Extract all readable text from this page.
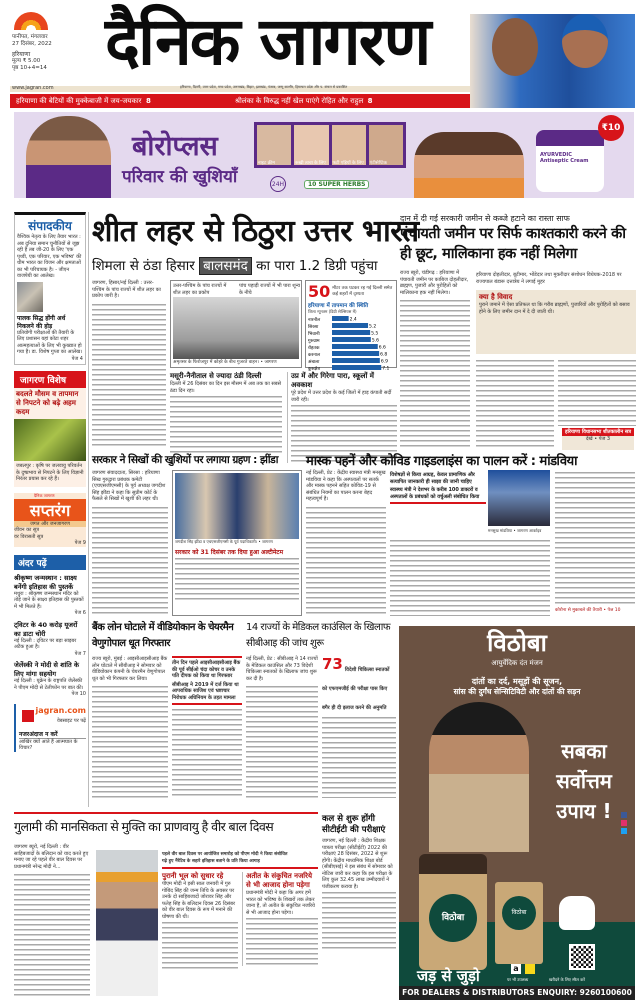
पानीपत, मंगलवार
27 दिसंबर, 2022
हरियाणा
मूल्य ₹ 5.00
पृष्ठ 10+4=14 दैनिक जागरण
www.jagran.com	हरियाणा, दिल्ली, उत्तर प्रदेश, मध्य प्रदेश, उत्तराखंड, बिहार, झारखंड, पंजाब, जम्मू कश्मीर, हिमाचल प्रदेश और प. बंगाल से प्रकाशित
हरियाणा की बेटियों की मुक्केबाजी में जय-जयकार 8	श्रीलंका के विरुद्ध नहीं खेल पाएंगे रोहित और राहुल 8
बोरोप्लस
परिवार की खुशियाँ
नाइट क्रीम	रूखी त्वचा के लिए फटी एड़ियों के लिए एंटीसेप्टिक
24H	10 SUPER HERBS
AYURVEDIC Antiseptic Cream
₹10
संपादकीय
वैश्विक नेतृत्व के लिए तैयार भारत : अब दुनिया समान चुनौतियों से जूझ रही है तब जी-20 के लिए 'एक पृथ्वी, एक परिवार, एक भविष्य' की थीम भारत का विजन और क्षमताओं का भी परिचायक है। - जीएन वाजपेयी का आलेख।
पालक सिद्ध होंगी अर्ध निकलने की होड़
प्रतियोगी परीक्षाओं की तैयारी के लिए प्रशासन यहां कोटा शहर आत्महत्याओं के लिए भी कुख्यात हो गया है। डा. विशेष गुप्ता का आलेख।
पेज 4
जागरण विशेष
बदलते मौसम व तापमान से निपटने को बढ़े अहम कदम
जबलपुर : कृषि पर जलवायु परिवर्तन के दुष्प्रभाव से निपटने के लिए विज्ञानी निरंतर प्रयास कर रहे हैं।
दैनिक जागरण
सप्तरंग
जगत और जनजागरण
जीवन का सूत्र
वर विरासती सूत्र
पेज 9
अंदर पढ़ें
श्रीकृष्ण जन्मस्थान : साक्ष्य बनेंगी इतिहास की पुस्तकें
मथुरा : श्रीकृष्ण जन्मस्थान मंदिर को तोड़े जाने के साक्ष्य इतिहास की पुस्तकों में भी मिलते हैं।
पेज 6
ट्विटर के 40 करोड़ यूजरों का डाटा चोरी
नई दिल्ली : ट्विटर पर बड़ा साइबर अटैक हुआ है।
पेज 7
जेलेंस्की ने मोदी से शांति के लिए मांगा सहयोग
नई दिल्ली : यूक्रेन के राष्ट्रपति जेलेंस्की ने पीएम मोदी से टेलीफोन पर बात की।
पेज 10
jagran.com
वेबसाइट पर पढ़ें
नजरअंदाज न करें
आखिर क्यों आते हैं आत्मघात के विचार?
शीत लहर से ठिठुरा उत्तर भारत
शिमला से ठंडा हिसार बालसमंद का पारा 1.2 डिग्री पहुंचा
जागरण, हिसार/नई दिल्ली : उत्तर-पश्चिम के पांच राज्यों में शीत लहर का प्रकोप जारी है।
उत्तर-पश्चिम के पांच राज्यों में शीत लहर का प्रकोप
पांच पहाड़ी राज्यों में भी पारा शून्य के नीचे
अमृतसर के फिरोजपुर में कोहरे के बीच गुजरते वाहन। • जागरण
50 मीटर तक घटकर रह गई दिल्ली समेत कई शहरों में दृश्यता
हरियाणा में तापमान की स्थिति
जिला न्यूनतम (डिग्री सेल्सियस में)
नारनौल	2.4
सिरसा	5.2
भिवानी	5.5
गुरुग्राम	5.6
रोहतक	6.6
करनाल	6.8
अंबाला	6.9
कुरुक्षेत्र	7.1
मसूरी-नैनीताल से ज्यादा ठंडी दिल्ली
दिल्ली में 26 दिसंबर का दिन इस मौसम में अब तक का सबसे ठंडा दिन रहा।
उप्र में और गिरेगा पारा, स्कूलों में अवकाश
पूरे प्रदेश में उत्तर प्रदेश के कई जिलों में हाड़ कंपाती सर्दी जारी रही।
दान में दी गई सरकारी जमीन से कब्जे हटाने का रास्ता साफ
पंचायती जमीन पर सिर्फ काश्तकारी करने की ही छूट, मालिकाना हक नहीं मिलेगा
राज्य ब्यूरो, चंडीगढ़ : हरियाणा में पंचायती जमीन पर काबिज दोहलीदार, ब्राह्मण, पुजारी और पुरोहितों को मालिकाना हक नहीं मिलेगा।
हरियाणा दोहलीदार, बूटीमार, भोंडेदार तथा मुकरीदार संशोधन विधेयक-2018 पर राज्यपाल बंडारू दत्तात्रेय ने लगाई मुहर
क्या है विवाद
पुराने जमाने में ऐसा प्रतिफल था कि गरीब ब्राह्मणों, पुजारियों और पुरोहितों को बसाव होने के लिए जमीन दान में दे दी जाती थी।
हरियाणा विधानसभा शीतकालीन सत्र
देखें • पेज 3
सरकार ने सिखों की खुशियों पर लगाया ग्रहण : झींडा
जागरण संवाददाता, सिरसा : हरियाणा सिख गुरुद्वारा प्रबंधक कमेटी (एचएसजीएमसी) के पूर्व अध्यक्ष जगदीश सिंह झींडा ने कहा कि सुप्रीम कोर्ट के फैसले से सिखों में खुशी की लहर थी।
जगदीश सिंह झींडा व एचएसजीएमसी के पूर्व पदाधिकारी। • जागरण
सरकार को 31 दिसंबर तक दिया हुआ अल्टीमेटम
मास्क पहनें और कोविड गाइडलाइंस का पालन करें : मांडविया
नई दिल्ली, प्रेट : केंद्रीय स्वास्थ्य मंत्री मनसुख मांडविया ने कहा कि अस्पतालों पर सतर्क और मास्क पहनने सहित कोविड-19 से संबंधित नियमों का पालन करना बेहद महत्वपूर्ण है।
विशेषज्ञों से किया आग्रह, केवल प्रामाणिक और सत्यापित जानकारी ही साझा की जानी चाहिए
स्वास्थ्य मंत्री ने देशभर के करीब 100 डाक्टरों व अस्पतालों के प्रबंधकों को वर्चुअली संबोधित किया
मनसुख मांडविया • जागरण आर्काइव
कोरोना से मुकाबले की तैयारी • पेज 10
बैंक लोन घोटाले में वीडियोकान के चेयरमैन वेणुगोपाल धूत गिरफ्तार
राज्य ब्यूरो, मुंबई : आइसीआइसीआइ बैंक लोन घोटाले में सीबीआइ ने सोमवार को वीडियोकान कंपनी के चेयरमैन वेणुगोपाल धूत को भी गिरफ्तार कर लिया।
तीन दिन पहले आइसीआइसीआइ बैंक की पूर्व सीईओ चंदा कोचर व उनके पति दीपक को किया था गिरफ्तार
सीबीआइ ने 2019 में दर्ज किया था आपराधिक साजिश एवं भ्रष्टाचार निरोधक अधिनियम के तहत मामला
14 राज्यों के मेडिकल काउंसिल के खिलाफ सीबीआइ की जांच शुरू
नई दिल्ली, प्रेट : सीबीआइ ने 14 राज्यों के मेडिकल काउंसिल और 73 विदेशी चिकित्सा स्नातकों के खिलाफ जांच शुरू कर दी है।
73 विदेशी चिकित्सा स्नातकों को एफएमजीई की परीक्षा पास किए बगैर ही दी इलाज करने की अनुमति
विठोबा
आयुर्वेदिक दंत मंजन
दांतों का दर्द, मसूड़ों की सूजन,
सांस की दुर्गंध सेन्सिटिविटी और दांतों की सड़न
सबका
सर्वोत्तम
उपाय !
विठोबा
विठोबा
जड़ से जुड़ो	a
पर भी उपलब्ध	खरीदने के लिए स्कैन करें
FOR DEALERS & DISTRIBUTORS ENQUIRY: 9260100600
गुलामी की मानसिकता से मुक्ति का प्राणवायु है वीर बाल दिवस
जागरण ब्यूरो, नई दिल्ली : वीर साहिबजादों के बलिदान को याद करते हुए मनाए जा रहे पहले वीर बाल दिवस पर प्रधानमंत्री नरेन्द्र मोदी ने...
पहले वीर बाल दिवस पर आयोजित समारोह को पीएम मोदी ने किया संबोधित
गढ़े हुए नैरेटिव के सहारे इतिहास बताने के प्रति किया आगाह
पुरानी भूल को सुधार रहे
पीएम मोदी ने इसी साल जनवरी में गुरु गोबिंद सिंह की जन्म तिथि के अवसर पर उनके दो साहिबजादों जोरावर सिंह और फतेह सिंह के बलिदान दिवस 26 दिसंबर को वीर बाल दिवस के रूप में मनाने की घोषणा की थी।
अतीत के संकुचित नजरिये से भी आजाद होना पड़ेगा
प्रधानमंत्री मोदी ने कहा कि अगर हमें भारत को भविष्य के शिखरों तक लेकर जाना है, तो अतीत के संकुचित नजरिये से भी आजाद होना पड़ेगा।
कल से शुरू होंगी सीटीईटी की परीक्षाएं
जागरण, नई दिल्ली : केंद्रीय शिक्षक पात्रता परीक्षा (सीटीईटी) 2022 की परीक्षाएं 28 दिसंबर, 2022 से शुरू होंगी। केंद्रीय माध्यमिक शिक्षा बोर्ड (सीबीएसई) ने इस संबंध में सोमवार को नोटिस जारी कर कहा कि इस परीक्षा के लिए कुल 32.45 लाख उम्मीदवारों ने पंजीकरण कराया है।
